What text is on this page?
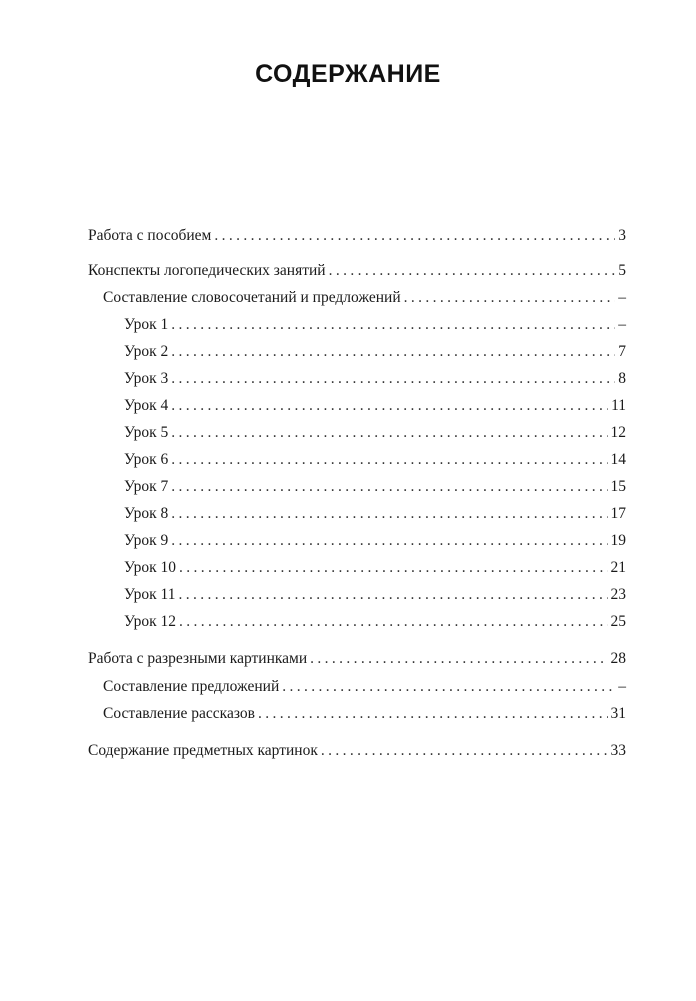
СОДЕРЖАНИЕ
Работа с пособием . . .	3
Конспекты логопедических занятий . . .	5
Составление словосочетаний и предложений . . .	–
Урок 1 . . .	–
Урок 2 . . .	7
Урок 3 . . .	8
Урок 4 . . .	11
Урок 5 . . .	12
Урок 6 . . .	14
Урок 7 . . .	15
Урок 8 . . .	17
Урок 9 . . .	19
Урок 10 . . .	21
Урок 11 . . .	23
Урок 12 . . .	25
Работа с разрезными картинками . . .	28
Составление предложений . . .	–
Составление рассказов . . .	31
Содержание предметных картинок . . .	33
